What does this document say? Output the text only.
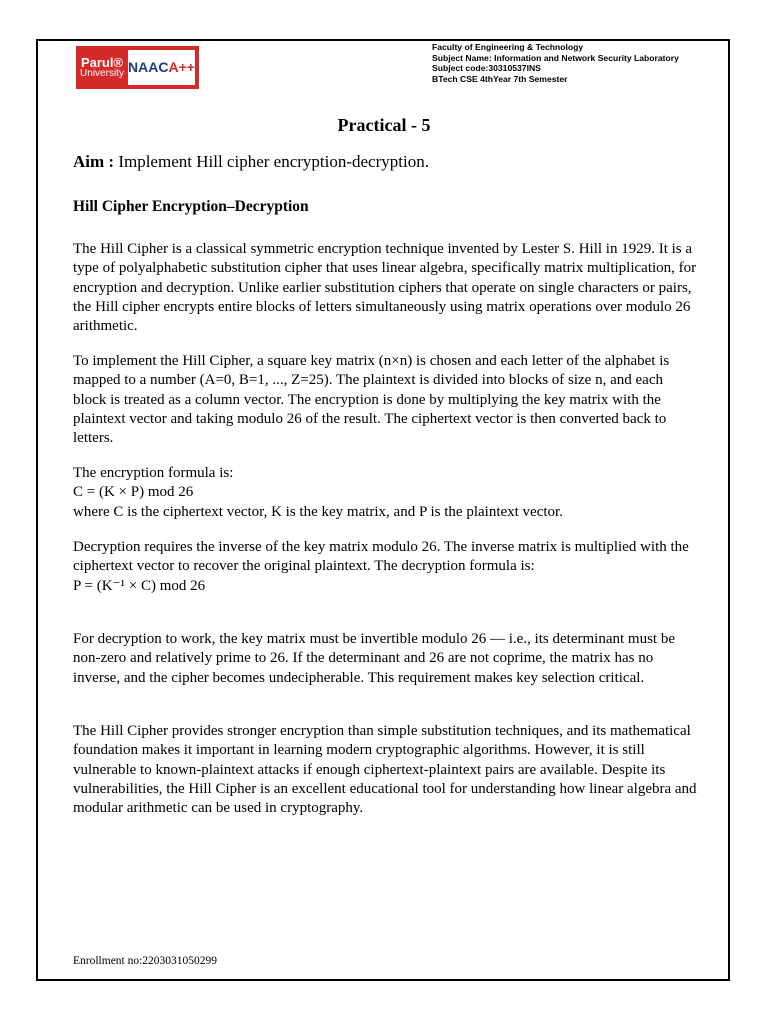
Parul®
University NAACA++
Faculty of Engineering & Technology
Subject Name: Information and Network Security Laboratory
Subject code:30310537INS
BTech CSE 4thYear 7th Semester
Practical - 5
Aim : Implement Hill cipher encryption-decryption.
Hill Cipher Encryption–Decryption

The Hill Cipher is a classical symmetric encryption technique invented by Lester S. Hill in 1929. It is a type of polyalphabetic substitution cipher that uses linear algebra, specifically matrix multiplication, for encryption and decryption. Unlike earlier substitution ciphers that operate on single characters or pairs, the Hill cipher encrypts entire blocks of letters simultaneously using matrix operations over modulo 26 arithmetic.

To implement the Hill Cipher, a square key matrix (n×n) is chosen and each letter of the alphabet is mapped to a number (A=0, B=1, ..., Z=25). The plaintext is divided into blocks of size n, and each block is treated as a column vector. The encryption is done by multiplying the key matrix with the plaintext vector and taking modulo 26 of the result. The ciphertext vector is then converted back to letters.

The encryption formula is:

C = (K × P) mod 26

where C is the ciphertext vector, K is the key matrix, and P is the plaintext vector.

Decryption requires the inverse of the key matrix modulo 26. The inverse matrix is multiplied with the ciphertext vector to recover the original plaintext. The decryption formula is:

P = (K⁻¹ × C) mod 26

For decryption to work, the key matrix must be invertible modulo 26 — i.e., its determinant must be non-zero and relatively prime to 26. If the determinant and 26 are not coprime, the matrix has no inverse, and the cipher becomes undecipherable. This requirement makes key selection critical.

The Hill Cipher provides stronger encryption than simple substitution techniques, and its mathematical foundation makes it important in learning modern cryptographic algorithms. However, it is still vulnerable to known-plaintext attacks if enough ciphertext-plaintext pairs are available. Despite its vulnerabilities, the Hill Cipher is an excellent educational tool for understanding how linear algebra and modular arithmetic can be used in cryptography.

Enrollment no:2203031050299
